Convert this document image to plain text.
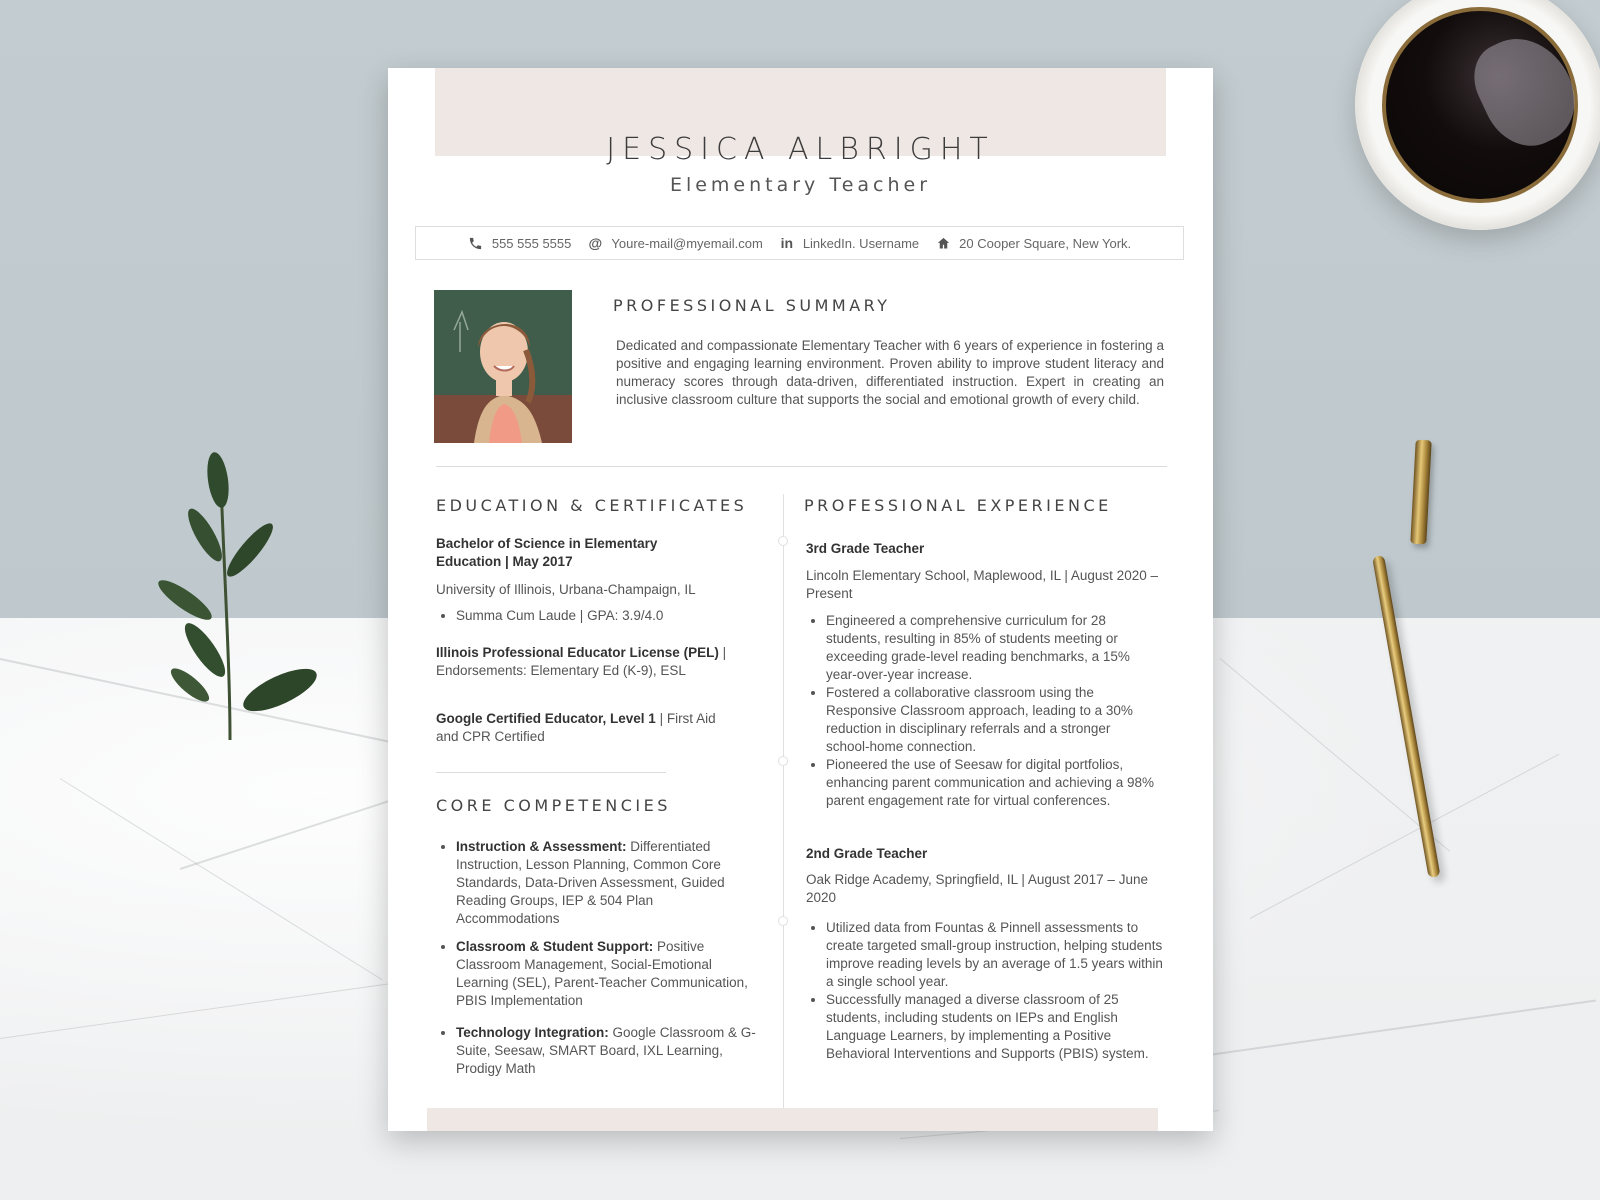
JESSICA ALBRIGHT
Elementary Teacher
555 555 5555 @ Youre-mail@myemail.com in LinkedIn. Username	20 Cooper Square, New York.
PROFESSIONAL SUMMARY
Dedicated and compassionate Elementary Teacher with 6 years of experience in fostering a positive and engaging learning environment. Proven ability to improve student literacy and numeracy scores through data-driven, differentiated instruction. Expert in creating an inclusive classroom culture that supports the social and emotional growth of every child.
EDUCATION & CERTIFICATES
Bachelor of Science in Elementary Education | May 2017
University of Illinois, Urbana-Champaign, IL
• Summa Cum Laude | GPA: 3.9/4.0
Illinois Professional Educator License (PEL) | Endorsements: Elementary Ed (K-9), ESL
Google Certified Educator, Level 1 | First Aid and CPR Certified
CORE COMPETENCIES
• Instruction & Assessment: Differentiated Instruction, Lesson Planning, Common Core Standards, Data-Driven Assessment, Guided Reading Groups, IEP & 504 Plan Accommodations
• Classroom & Student Support: Positive Classroom Management, Social-Emotional Learning (SEL), Parent-Teacher Communication, PBIS Implementation
• Technology Integration: Google Classroom & G-Suite, Seesaw, SMART Board, IXL Learning, Prodigy Math
PROFESSIONAL EXPERIENCE
3rd Grade Teacher
Lincoln Elementary School, Maplewood, IL | August 2020 – Present
• Engineered a comprehensive curriculum for 28 students, resulting in 85% of students meeting or exceeding grade-level reading benchmarks, a 15% year-over-year increase.
• Fostered a collaborative classroom using the Responsive Classroom approach, leading to a 30% reduction in disciplinary referrals and a stronger school-home connection.
• Pioneered the use of Seesaw for digital portfolios, enhancing parent communication and achieving a 98% parent engagement rate for virtual conferences.
2nd Grade Teacher
Oak Ridge Academy, Springfield, IL | August 2017 – June 2020
• Utilized data from Fountas & Pinnell assessments to create targeted small-group instruction, helping students improve reading levels by an average of 1.5 years within a single school year.
• Successfully managed a diverse classroom of 25 students, including students on IEPs and English Language Learners, by implementing a Positive Behavioral Interventions and Supports (PBIS) system.
